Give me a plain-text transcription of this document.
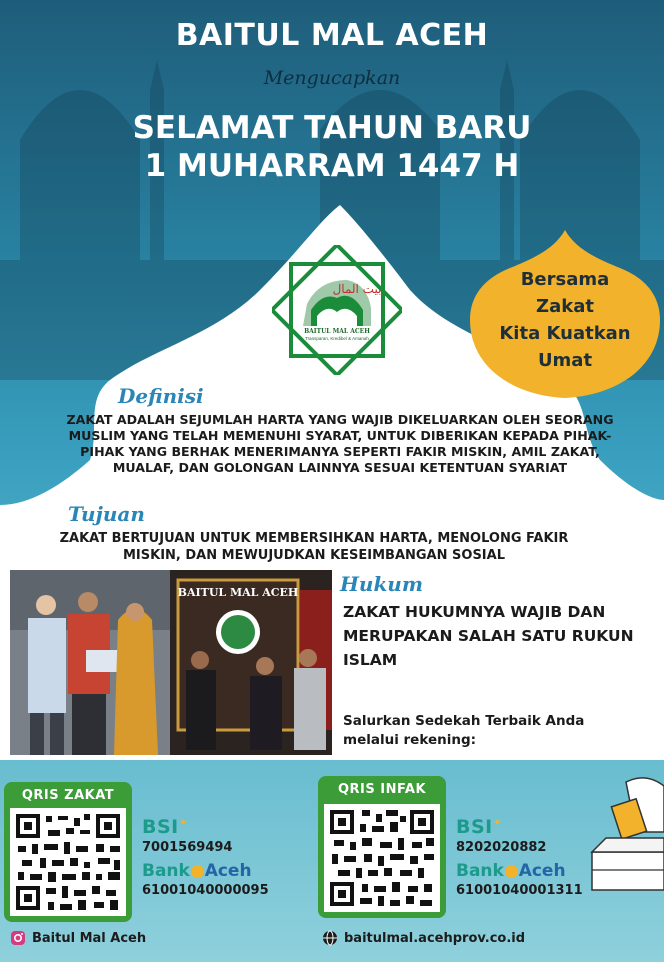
BAITUL MAL ACEH
Mengucapkan
SELAMAT TAHUN BARU
1 MUHARRAM 1447 H
بيت المال
BAITUL MAL ACEH
Transparan, Kredibel & Amanah
Bersama
Zakat
Kita Kuatkan
Umat
Definisi
ZAKAT ADALAH SEJUMLAH HARTA YANG WAJIB DIKELUARKAN OLEH SEORANG MUSLIM YANG TELAH MEMENUHI SYARAT, UNTUK DIBERIKAN KEPADA PIHAK-PIHAK YANG BERHAK MENERIMANYA SEPERTI FAKIR MISKIN, AMIL ZAKAT, MUALAF, DAN GOLONGAN LAINNYA SESUAI KETENTUAN SYARIAT
Tujuan
ZAKAT BERTUJUAN UNTUK MEMBERSIHKAN HARTA, MENOLONG FAKIR MISKIN, DAN MEWUJUDKAN KESEIMBANGAN SOSIAL
BAITUL MAL ACEH Hukum
ZAKAT HUKUMNYA WAJIB DAN MERUPAKAN SALAH SATU RUKUN ISLAM
Salurkan Sedekah Terbaik Anda
melalui rekening:
QRIS ZAKAT
BSI✦
7001569494
Bank●Aceh
61001040000095
QRIS INFAK
BSI✦
8202020882
Bank●Aceh
61001040001311
Baitul Mal Aceh	baitulmal.acehprov.co.id
